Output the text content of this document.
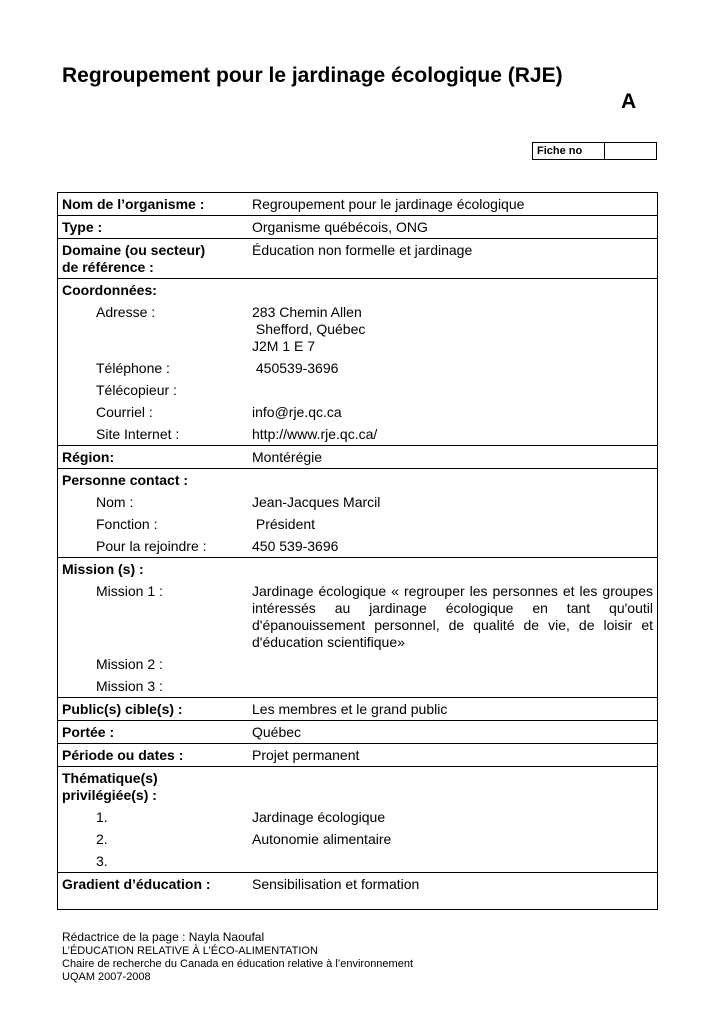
Regroupement pour le jardinage écologique (RJE)
A
Fiche no
Nom de l’organisme :	Regroupement pour le jardinage écologique
Type :	Organisme québécois, ONG
Domaine (ou secteur)	Éducation non formelle et jardinage
de référence :
Coordonnées:
Adresse :	283 Chemin Allen
Shefford, Québec
J2M 1 E 7
Téléphone :	450539-3696
Télécopieur :
Courriel :	info@rje.qc.ca
Site Internet :	http://www.rje.qc.ca/
Région:	Montérégie
Personne contact :
Nom :	Jean-Jacques Marcil
Fonction :	Président
Pour la rejoindre :	450 539-3696
Mission (s) :
Mission 1 :	Jardinage écologique « regrouper les personnes et les groupes intéressés au jardinage écologique en tant qu'outil d'épanouissement personnel, de qualité de vie, de loisir et d'éducation scientifique»
Mission 2 :
Mission 3 :
Public(s) cible(s) :	Les membres et le grand public
Portée :	Québec
Période ou dates :	Projet permanent
Thématique(s)
privilégiée(s) :
1.	Jardinage écologique
2.	Autonomie alimentaire
3.
Gradient d’éducation :	Sensibilisation et formation
Rédactrice de la page : Nayla Naoufal
L’ÉDUCATION RELATIVE À L’ÉCO-ALIMENTATION
Chaire de recherche du Canada en éducation relative à l’environnement
UQAM 2007-2008
